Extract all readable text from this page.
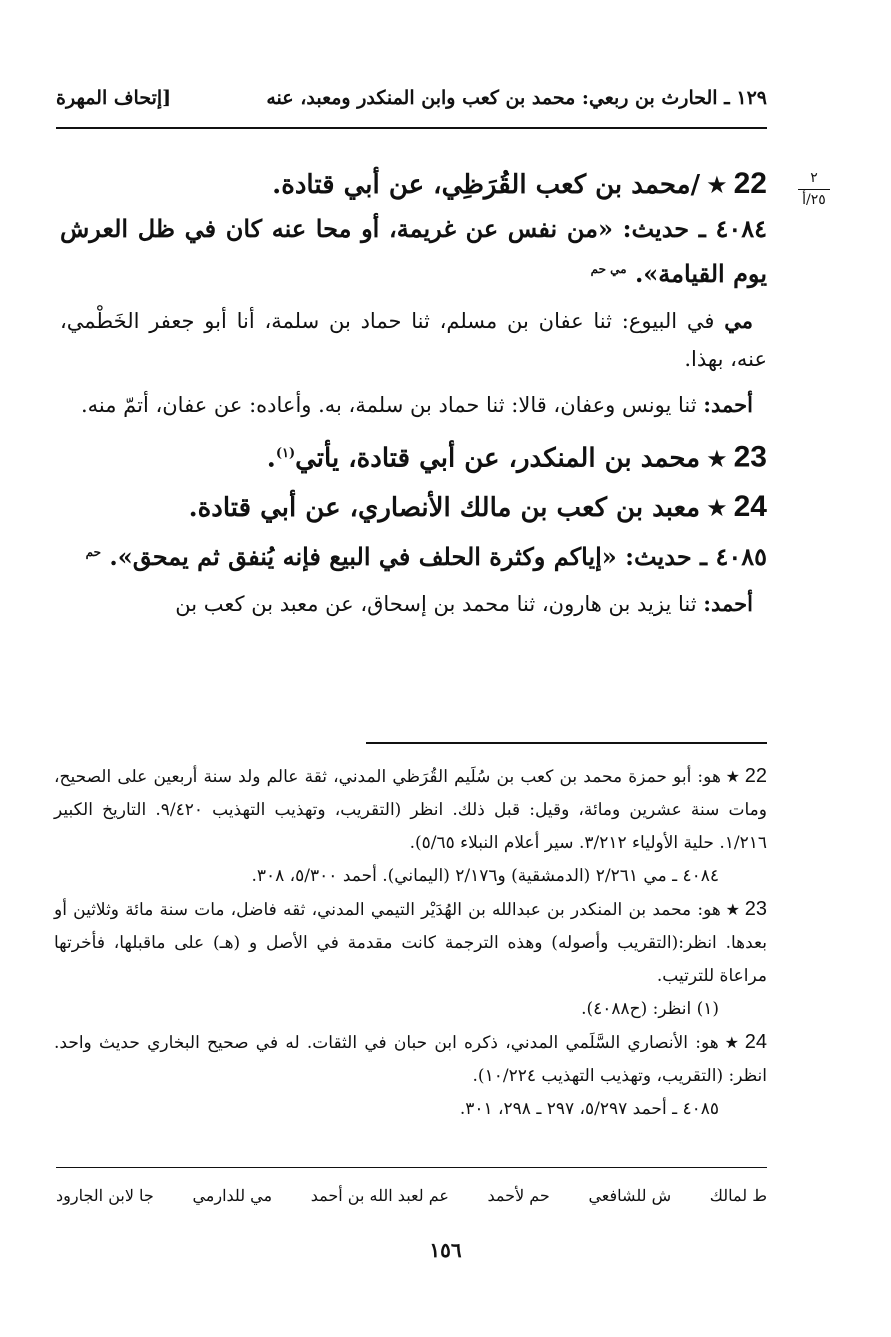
١٢٩ ـ الحارث بن ربعي: محمد بن كعب وابن المنكدر ومعبد، عنه
[إتحاف المهرة
٢
٢٥/أ

22★/محمد بن كعب القُرَظِي، عن أبي قتادة.

٤٠٨٤ ـ حديث: «من نفس عن غريمة، أو محا عنه كان في ظل العرش يوم القيامة». $^{مي حم}$

مي في البيوع: ثنا عفان بن مسلم، ثنا حماد بن سلمة، أنا أبو جعفر الخَطْمي، عنه، بهذا.

أحمد: ثنا يونس وعفان، قالا: ثنا حماد بن سلمة، به. وأعاده: عن عفان، أتمّ منه.

23★محمد بن المنكدر، عن أبي قتادة، يأتي$^{(١)}$.

24★معبد بن كعب بن مالك الأنصاري، عن أبي قتادة.

٤٠٨٥ ـ حديث: «إياكم وكثرة الحلف في البيع فإنه يُنفق ثم يمحق». $^{حم}$

أحمد: ثنا يزيد بن هارون، ثنا محمد بن إسحاق، عن معبد بن كعب بن

22★هو: أبو حمزة محمد بن كعب بن سُلَيم القُرَظي المدني، ثقة عالم ولد سنة أربعين على الصحيح، ومات سنة عشرين ومائة، وقيل: قبل ذلك. انظر (التقريب، وتهذيب التهذيب ٩/٤٢٠. التاريخ الكبير ١/٢١٦. حلية الأولياء ٣/٢١٢. سير أعلام النبلاء ٥/٦٥).

٤٠٨٤ ـ مي ٢/٢٦١ (الدمشقية) و٢/١٧٦ (اليماني). أحمد ٥/٣٠٠، ٣٠٨.

23★هو: محمد بن المنكدر بن عبدالله بن الهُدَيْر التيمي المدني، ثقه فاضل، مات سنة مائة وثلاثين أو بعدها. انظر:(التقريب وأصوله) وهذه الترجمة كانت مقدمة في الأصل و (هـ) على ماقبلها، فأخرتها مراعاة للترتيب.

(١) انظر: (ح٤٠٨٨).

24★هو: الأنصاري السَّلَمي المدني، ذكره ابن حبان في الثقات. له في صحيح البخاري حديث واحد. انظر: (التقريب، وتهذيب التهذيب ١٠/٢٢٤).

٤٠٨٥ ـ أحمد ٥/٢٩٧، ٢٩٧ ـ ٢٩٨، ٣٠١.

ط لمالك
ش للشافعي
حم لأحمد
عم لعبد الله بن أحمد
مي للدارمي
جا لابن الجارود
١٥٦
